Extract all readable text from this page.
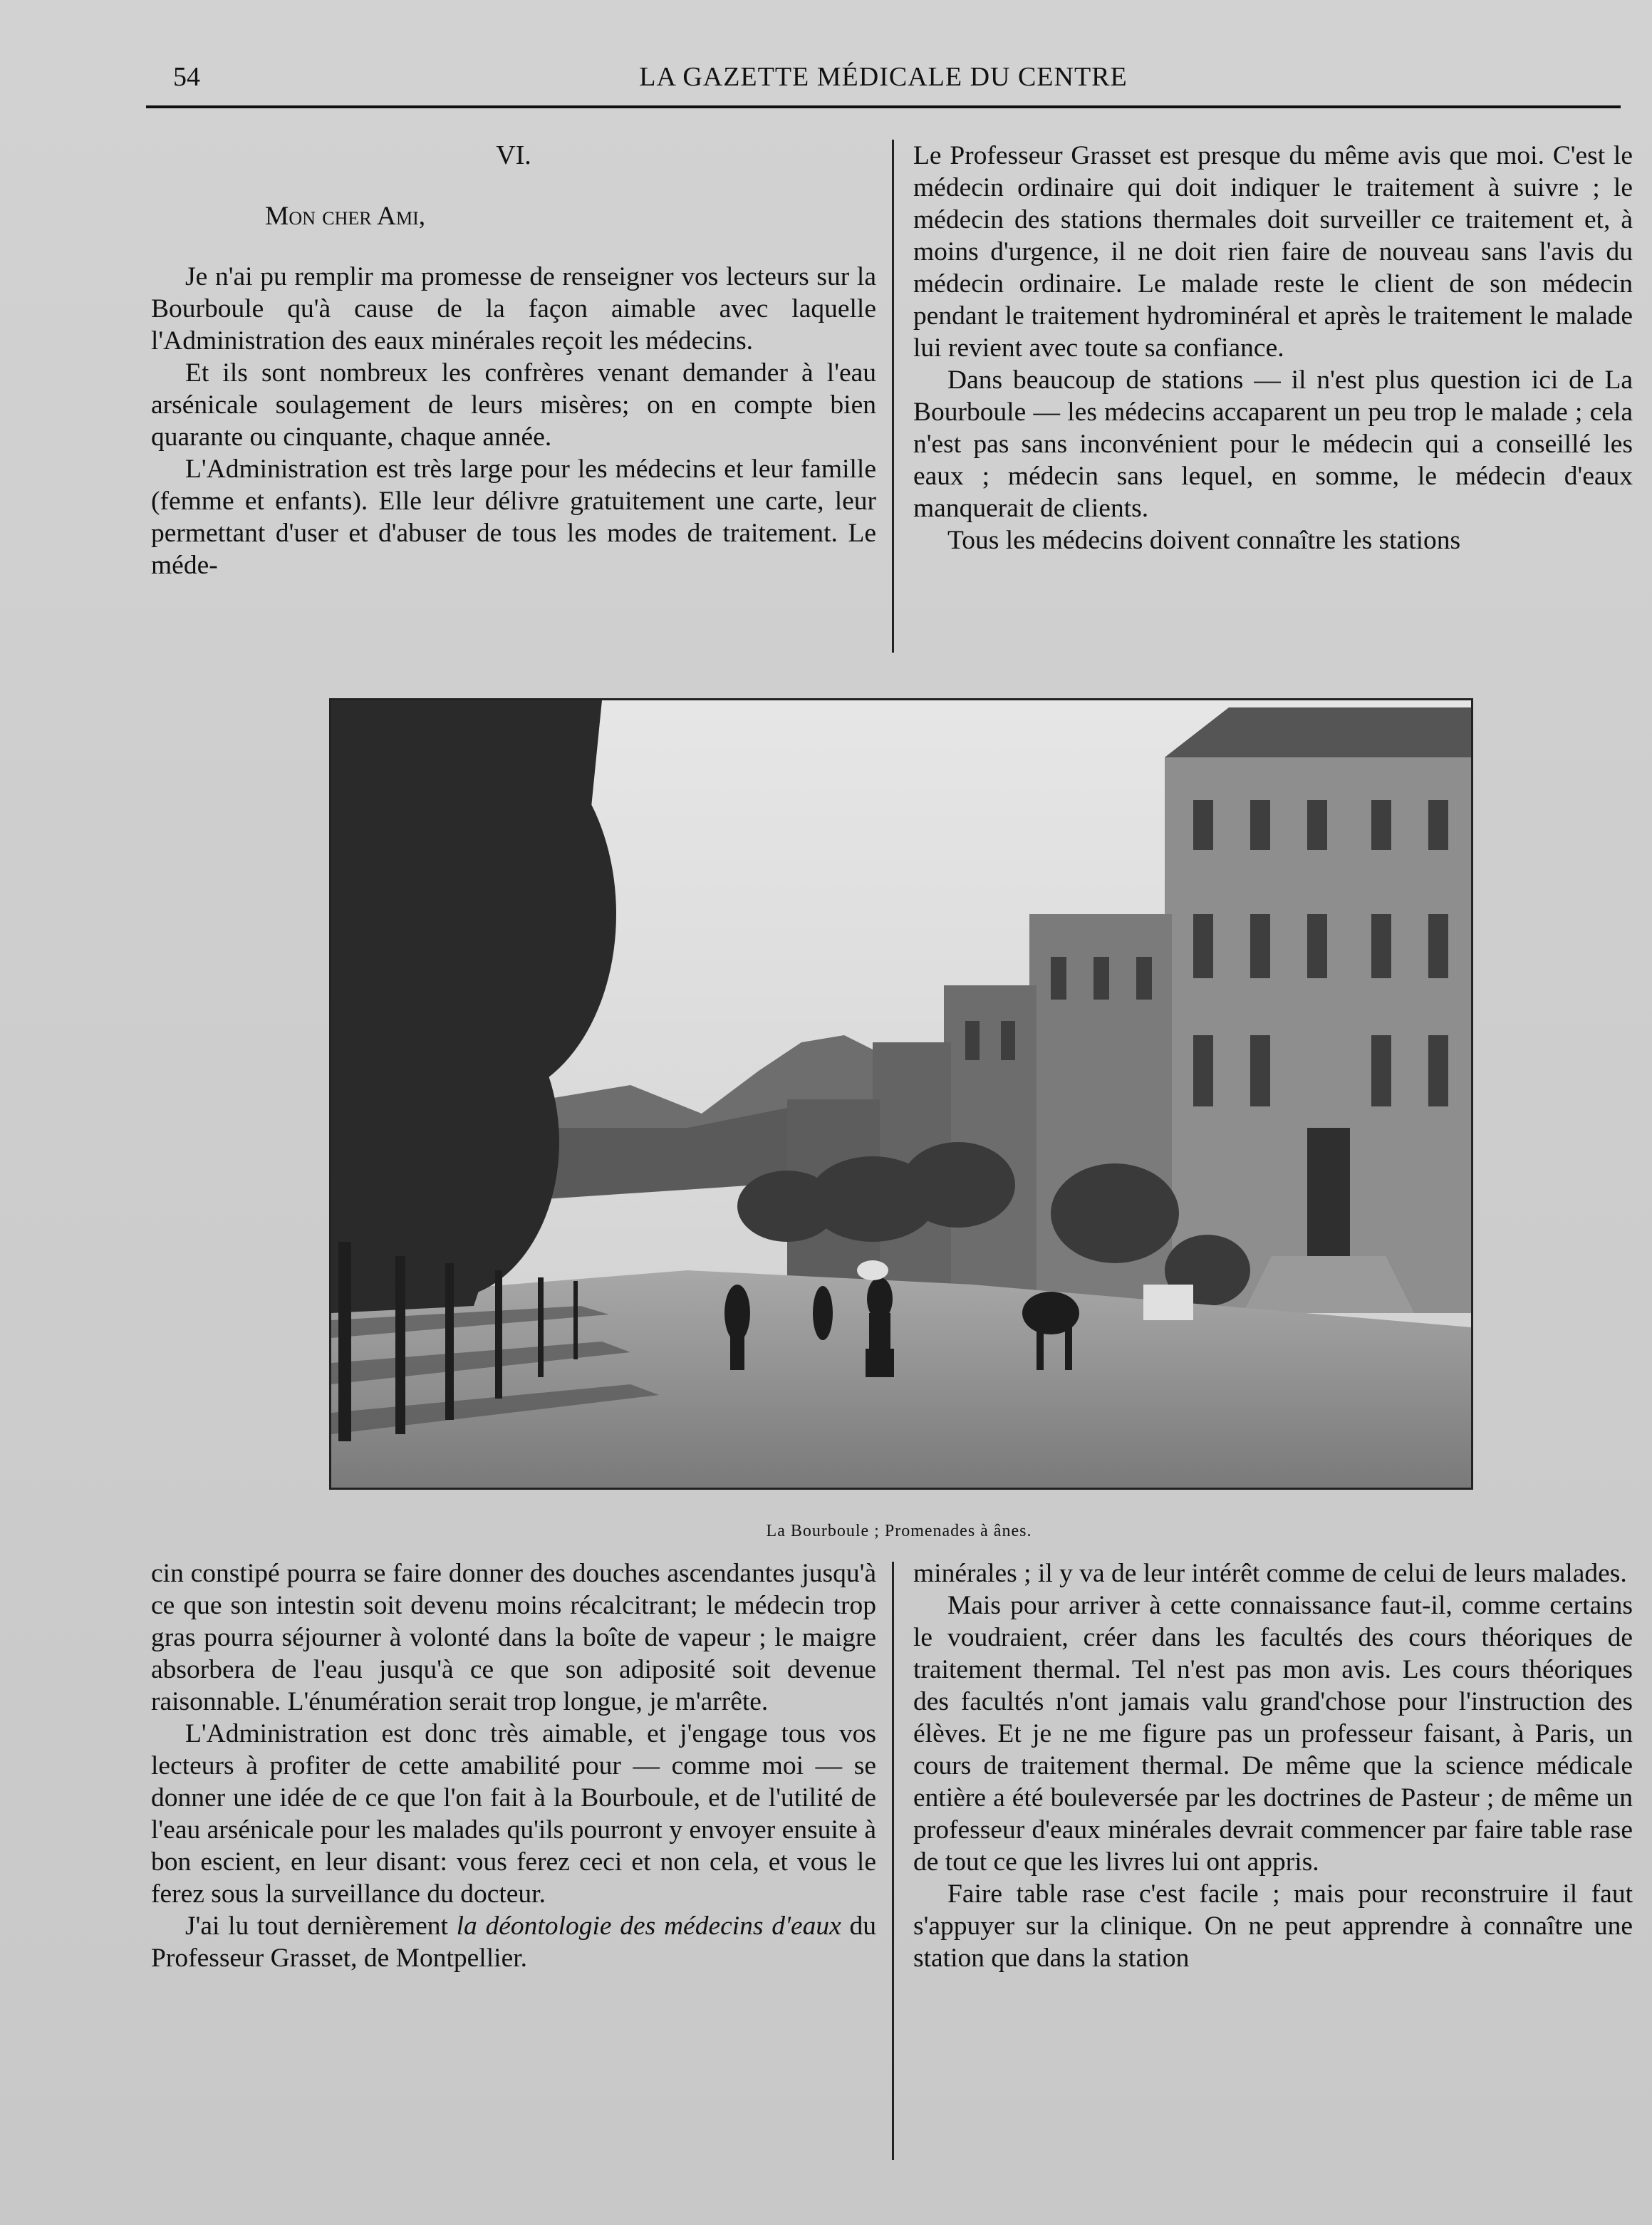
54	LA GAZETTE MÉDICALE DU CENTRE

VI.

Mon cher Ami,

Je n'ai pu remplir ma promesse de renseigner vos lecteurs sur la Bourboule qu'à cause de la façon aimable avec laquelle l'Administration des eaux minérales reçoit les médecins.

Et ils sont nombreux les confrères venant demander à l'eau arsénicale soulagement de leurs misères; on en compte bien quarante ou cinquante, chaque année.

L'Administration est très large pour les médecins et leur famille (femme et enfants). Elle leur délivre gratuitement une carte, leur permettant d'user et d'abuser de tous les modes de traitement. Le méde-

Le Professeur Grasset est presque du même avis que moi. C'est le médecin ordinaire qui doit indiquer le traitement à suivre ; le médecin des stations thermales doit surveiller ce traitement et, à moins d'urgence, il ne doit rien faire de nouveau sans l'avis du médecin ordinaire. Le malade reste le client de son médecin pendant le traitement hydrominéral et après le traitement le malade lui revient avec toute sa confiance.

Dans beaucoup de stations — il n'est plus question ici de La Bourboule — les médecins accaparent un peu trop le malade ; cela n'est pas sans inconvénient pour le médecin qui a conseillé les eaux ; médecin sans lequel, en somme, le médecin d'eaux manquerait de clients.

Tous les médecins doivent connaître les stations

La Bourboule ; Promenades à ânes.

cin constipé pourra se faire donner des douches ascendantes jusqu'à ce que son intestin soit devenu moins récalcitrant; le médecin trop gras pourra séjourner à volonté dans la boîte de vapeur ; le maigre absorbera de l'eau jusqu'à ce que son adiposité soit devenue raisonnable. L'énumération serait trop longue, je m'arrête.

L'Administration est donc très aimable, et j'engage tous vos lecteurs à profiter de cette amabilité pour — comme moi — se donner une idée de ce que l'on fait à la Bourboule, et de l'utilité de l'eau arsénicale pour les malades qu'ils pourront y envoyer ensuite à bon escient, en leur disant: vous ferez ceci et non cela, et vous le ferez sous la surveillance du docteur.

J'ai lu tout dernièrement la déontologie des médecins d'eaux du Professeur Grasset, de Montpellier.

minérales ; il y va de leur intérêt comme de celui de leurs malades.

Mais pour arriver à cette connaissance faut-il, comme certains le voudraient, créer dans les facultés des cours théoriques de traitement thermal. Tel n'est pas mon avis. Les cours théoriques des facultés n'ont jamais valu grand'chose pour l'instruction des élèves. Et je ne me figure pas un professeur faisant, à Paris, un cours de traitement thermal. De même que la science médicale entière a été bouleversée par les doctrines de Pasteur ; de même un professeur d'eaux minérales devrait commencer par faire table rase de tout ce que les livres lui ont appris.

Faire table rase c'est facile ; mais pour reconstruire il faut s'appuyer sur la clinique. On ne peut apprendre à connaître une station que dans la station
